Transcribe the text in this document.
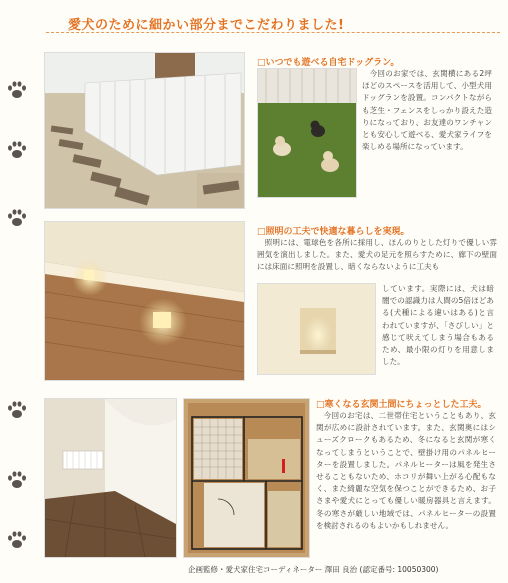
愛犬のために細かい部分までこだわりました!
□いつでも遊べる自宅ドッグラン。
今回のお家では、玄関横にある2坪ほどのスペースを活用して、小型犬用ドッグランを設置。コンパクトながらも芝生・フェンスをしっかり設えた造りになっており、お友達のワンチャンとも安心して遊べる、愛犬家ライフを楽しめる場所になっています。
□照明の工夫で快適な暮らしを実現。
照明には、電球色を各所に採用し、ほんのりとした灯りで優しい雰囲気を演出しました。また、愛犬の足元を照らすために、廊下の壁面には床面に照明を設置し、暗くならないように工夫も
しています。実際には、犬は暗闇での認識力は人間の5倍ほどある(犬種による違いはある)と言われていますが、「さびしい」と感じて吠えてしまう場合もあるため、最小限の灯りを用意しました。
□寒くなる玄関土間にちょっとした工夫。
今回のお宅は、二世帯住宅ということもあり、玄関が広めに設計されています。また、玄関奥にはシューズクロークもあるため、冬になると玄関が寒くなってしまうということで、壁掛け用のパネルヒーターを設置しました。パネルヒーターは風を発生させることもないため、ホコリが舞い上がる心配もなく、また綺麗な空気を保つことができるため、お子さまや愛犬にとっても優しい暖房器具と言えます。冬の寒さが厳しい地域では、パネルヒーターの設置を検討されるのもよいかもしれません。
企画監修・愛犬家住宅コーディネーター 澤田 良治 (認定番号: 10050300)
